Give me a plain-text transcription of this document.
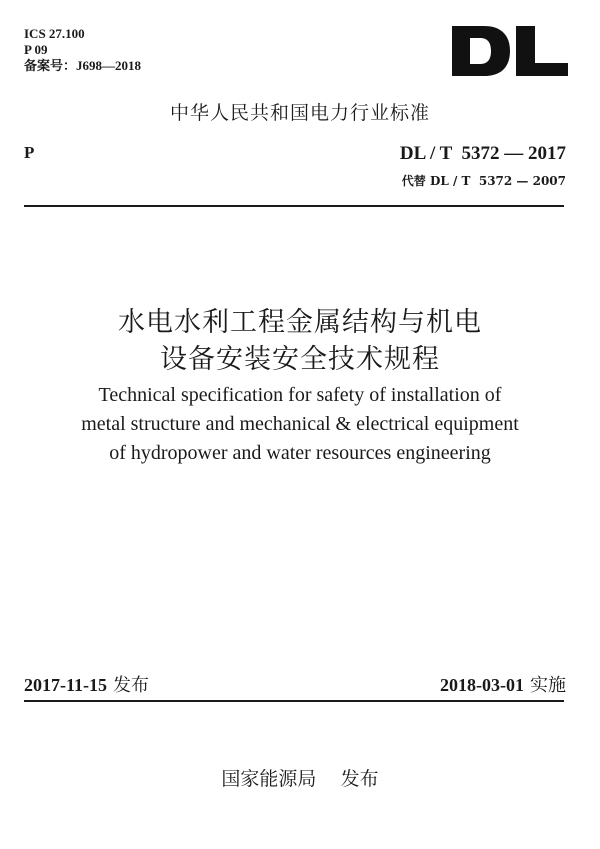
ICS 27.100
P 09
备案号：J698—2018
中华人民共和国电力行业标准
P	DL / T  5372 — 2017
代替 DL / T  5372 — 2007
水电水利工程金属结构与机电
设备安装安全技术规程
Technical specification for safety of installation of
metal structure and mechanical & electrical equipment
of hydropower and water resources engineering
2017-11-15 发布	2018-03-01 实施
国家能源局    发布
